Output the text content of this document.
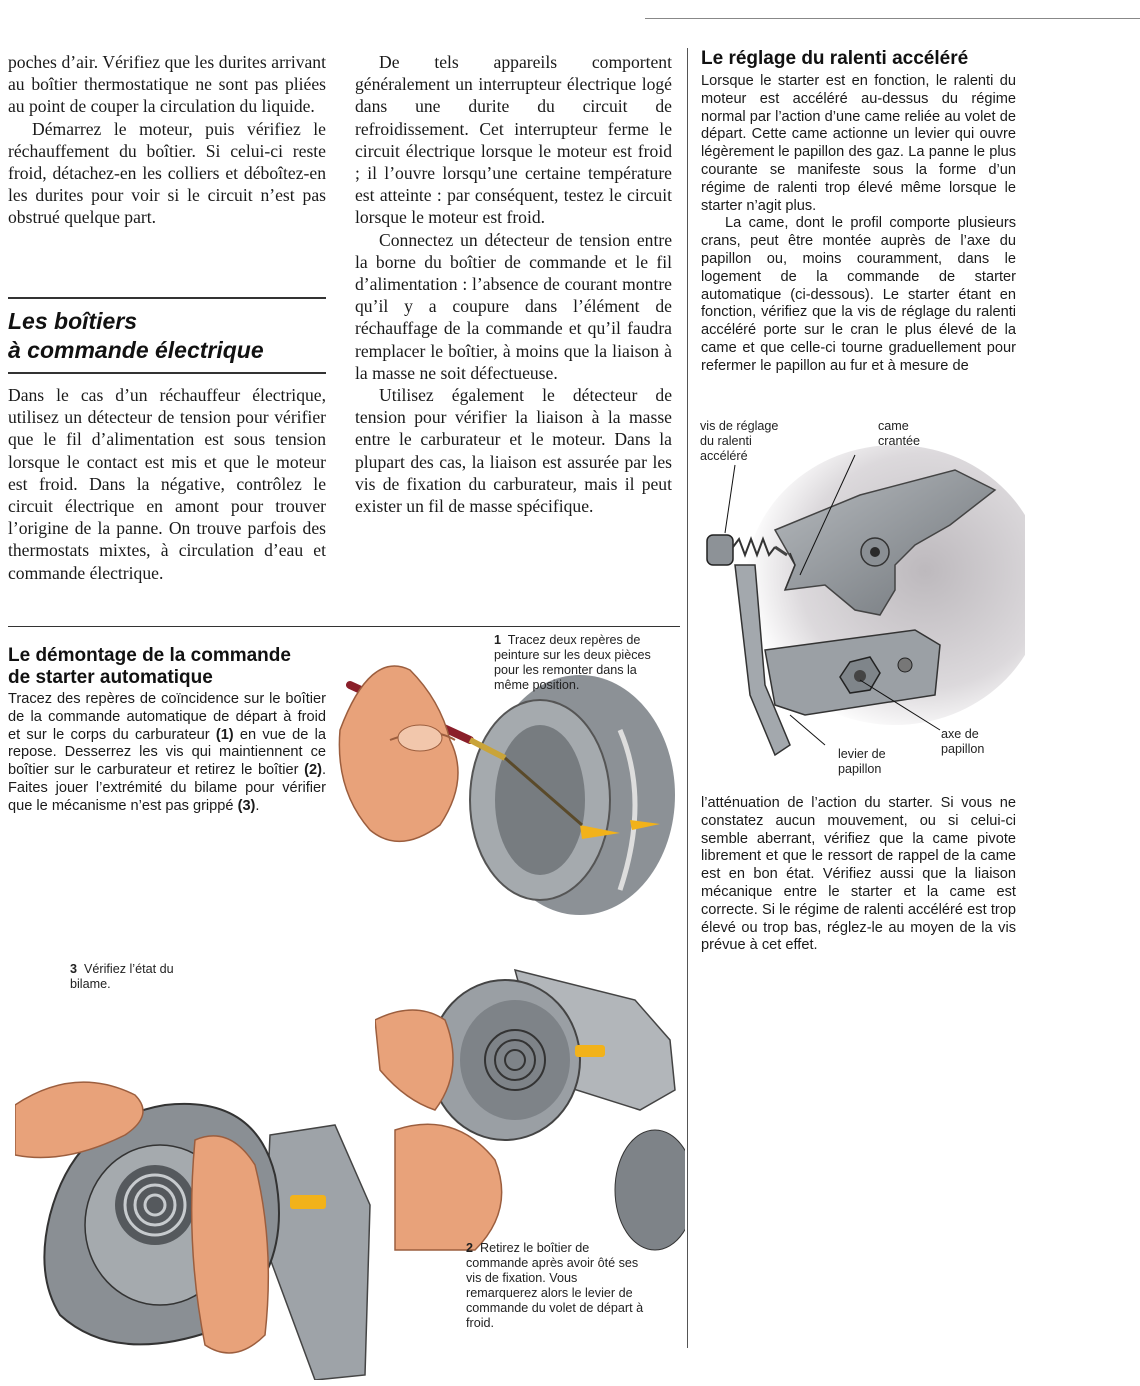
poches d’air. Vérifiez que les durites arrivant au boîtier thermostatique ne sont pas pliées au point de couper la circulation du liquide.

Démarrez le moteur, puis vérifiez le réchauffement du boîtier. Si celui-ci reste froid, détachez-en les colliers et déboîtez-en les durites pour voir si le circuit n’est pas obstrué quelque part.

Les boîtiers

à commande électrique

Dans le cas d’un réchauffeur électrique, utilisez un détecteur de tension pour vérifier que le fil d’alimentation est sous tension lorsque le contact est mis et que le moteur est froid. Dans la négative, contrôlez le circuit électrique en amont pour trouver l’origine de la panne. On trouve parfois des thermostats mixtes, à circulation d’eau et commande électrique.

De tels appareils comportent généralement un interrupteur électrique logé dans une durite du circuit de refroidissement. Cet interrupteur ferme le circuit électrique lorsque le moteur est froid ; il l’ouvre lorsqu’une certaine température est atteinte : par conséquent, testez le circuit lorsque le moteur est froid.

Connectez un détecteur de tension entre la borne du boîtier de commande et le fil d’alimentation : l’absence de courant montre qu’il y a coupure dans l’élément de réchauffage de la commande et qu’il faudra remplacer le boîtier, à moins que la liaison à la masse ne soit défectueuse.

Utilisez également le détecteur de tension pour vérifier la liaison à la masse entre le carburateur et le moteur. Dans la plupart des cas, la liaison est assurée par les vis de fixation du carburateur, mais il peut exister un fil de masse spécifique.

Le réglage du ralenti accéléré

Lorsque le starter est en fonction, le ralenti du moteur est accéléré au-dessus du régime normal par l’action d’une came reliée au volet de départ. Cette came actionne un levier qui ouvre légèrement le papillon des gaz. La panne le plus courante se manifeste sous la forme d’un régime de ralenti trop élevé même lorsque le starter n’agit plus.

La came, dont le profil comporte plusieurs crans, peut être montée auprès de l’axe du papillon ou, moins couramment, dans le logement de la commande de starter automatique (ci-dessous). Le starter étant en fonction, vérifiez que la vis de réglage du ralenti accéléré porte sur le cran le plus élevé de la came et que celle-ci tourne graduellement pour refermer le papillon au fur et à mesure de

vis de réglage
du ralenti
accéléré
came
crantée
axe de
papillon
levier de
papillon

l’atténuation de l’action du starter. Si vous ne constatez aucun mouvement, ou si celui-ci semble aberrant, vérifiez que la came pivote librement et que le ressort de rappel de la came est en bon état. Vérifiez aussi que la liaison mécanique entre le starter et la came est correcte. Si le régime de ralenti accéléré est trop élevé ou trop bas, réglez-le au moyen de la vis prévue à cet effet.

Le démontage de la commande

de starter automatique

Tracez des repères de coïncidence sur le boîtier de la commande automatique de départ à froid et sur le corps du carburateur (1) en vue de la repose. Desserrez les vis qui maintiennent ce boîtier sur le carburateur et retirez le boîtier (2). Faites jouer l’extrémité du bilame pour vérifier que le mécanisme n’est pas grippé (3).

1 Tracez deux repères de peinture sur les deux pièces pour les remonter dans la même position.
2 Retirez le boîtier de commande après avoir ôté ses vis de fixation. Vous remarquerez alors le levier de commande du volet de départ à froid.
3 Vérifiez l’état du bilame.
